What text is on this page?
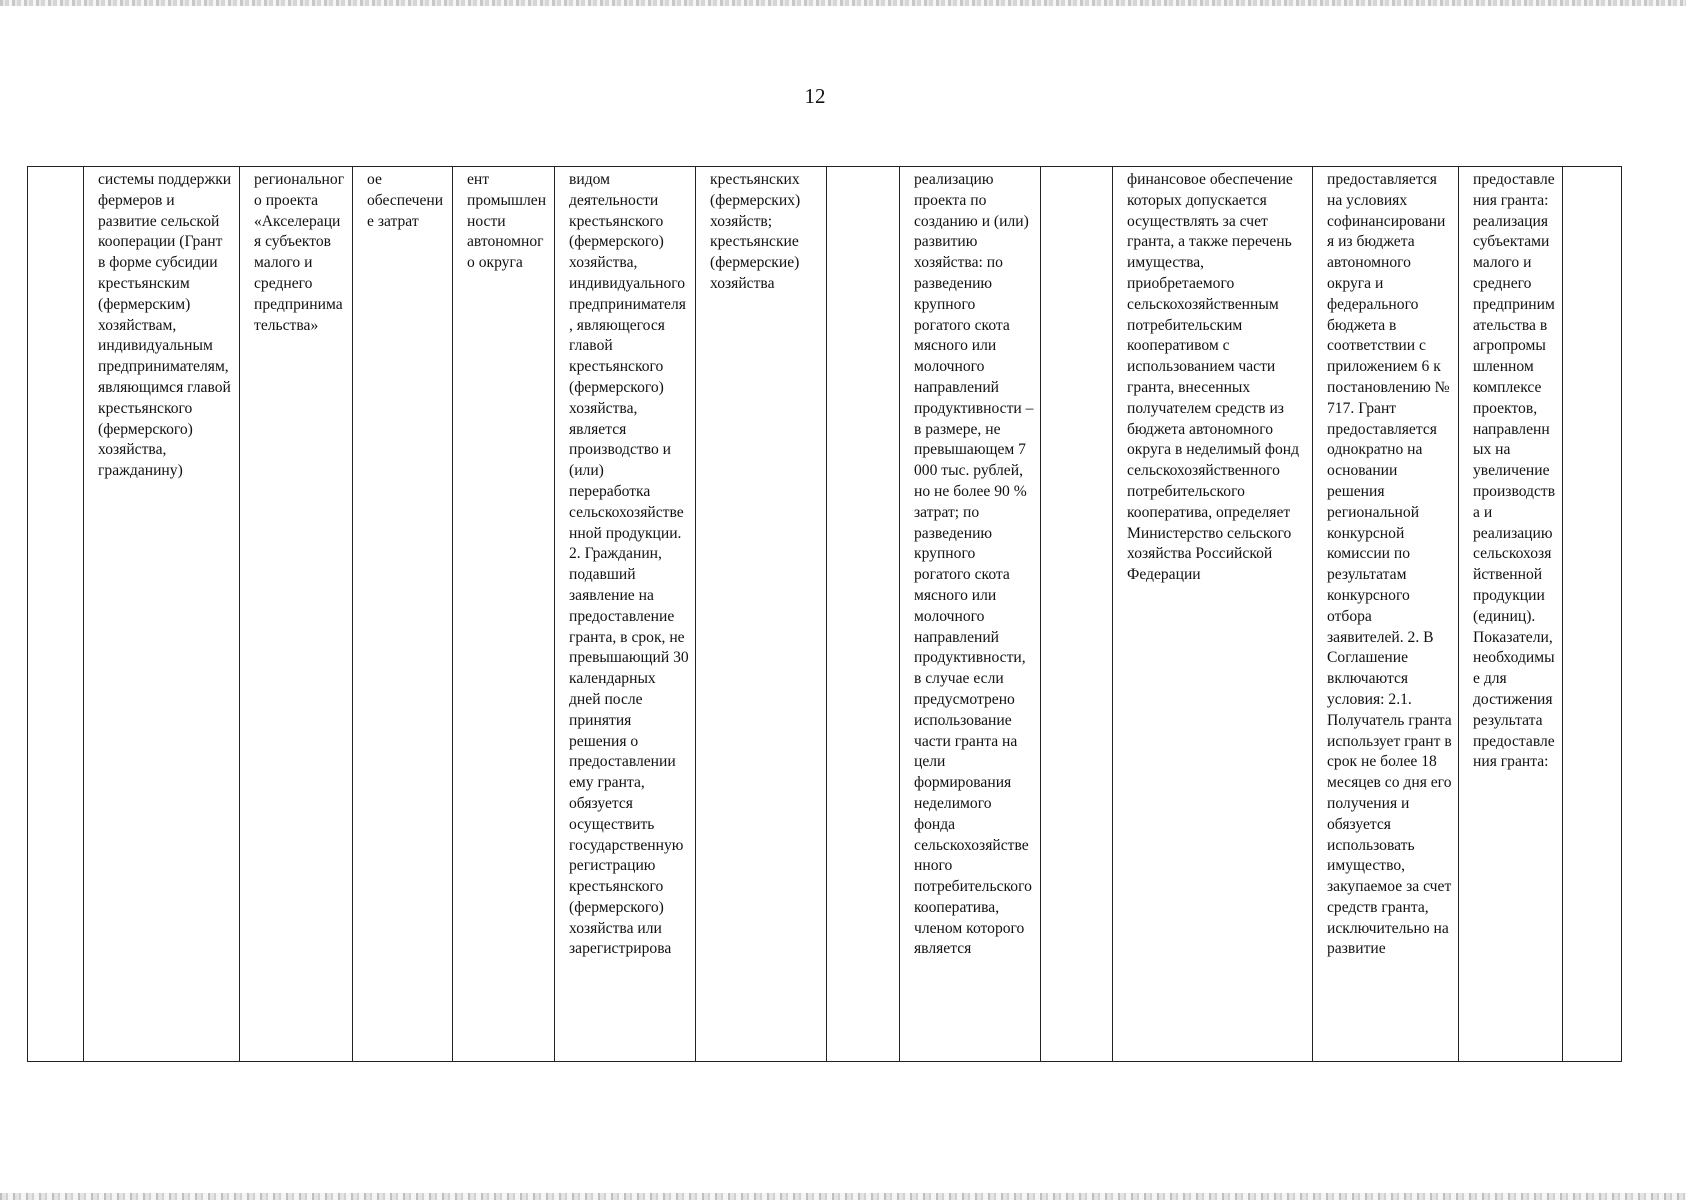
12
	системы поддержки фермеров и развитие сельской кооперации (Грант в форме субсидии крестьянским (фермерским) хозяйствам, индивидуальным предпринимателям, являющимся главой крестьянского (фермерского) хозяйства, гражданину)	регионального проекта «Акселерация субъектов малого и среднего предпринимательства»	ое обеспечение затрат	ент промышленности автономного округа	видом деятельности крестьянского (фермерского) хозяйства, индивидуального предпринимателя, являющегося главой крестьянского (фермерского) хозяйства, является производство и (или) переработка сельскохозяйственной продукции. 2. Гражданин, подавший заявление на предоставление гранта, в срок, не превышающий 30 календарных дней после принятия решения о предоставлении ему гранта, обязуется осуществить государственную регистрацию крестьянского (фермерского) хозяйства или зарегистрирова	крестьянских (фермерских) хозяйств; крестьянские (фермерские) хозяйства		реализацию проекта по созданию и (или) развитию хозяйства: по разведению крупного рогатого скота мясного или молочного направлений продуктивности – в размере, не превышающем 7 000 тыс. рублей, но не более 90 % затрат; по разведению крупного рогатого скота мясного или молочного направлений продуктивности, в случае если предусмотрено использование части гранта на цели формирования неделимого фонда сельскохозяйственного потребительского кооператива, членом которого является		финансовое обеспечение которых допускается осуществлять за счет гранта, а также перечень имущества, приобретаемого сельскохозяйственным потребительским кооперативом с использованием части гранта, внесенных получателем средств из бюджета автономного округа в неделимый фонд сельскохозяйственного потребительского кооператива, определяет Министерство сельского хозяйства Российской Федерации	предоставляется на условиях софинансирования из бюджета автономного округа и федерального бюджета в соответствии с приложением 6 к постановлению № 717. Грант предоставляется однократно на основании решения региональной конкурсной комиссии по результатам конкурсного отбора заявителей. 2. В Соглашение включаются условия: 2.1. Получатель гранта использует грант в срок не более 18 месяцев со дня его получения и обязуется использовать имущество, закупаемое за счет средств гранта, исключительно на развитие	предоставления гранта: реализация субъектами малого и среднего предпринимательства в агропромышленном комплексе проектов, направленных на увеличение производства и реализацию сельскохозяйственной продукции (единиц). Показатели, необходимые для достижения результата предоставления гранта:	
